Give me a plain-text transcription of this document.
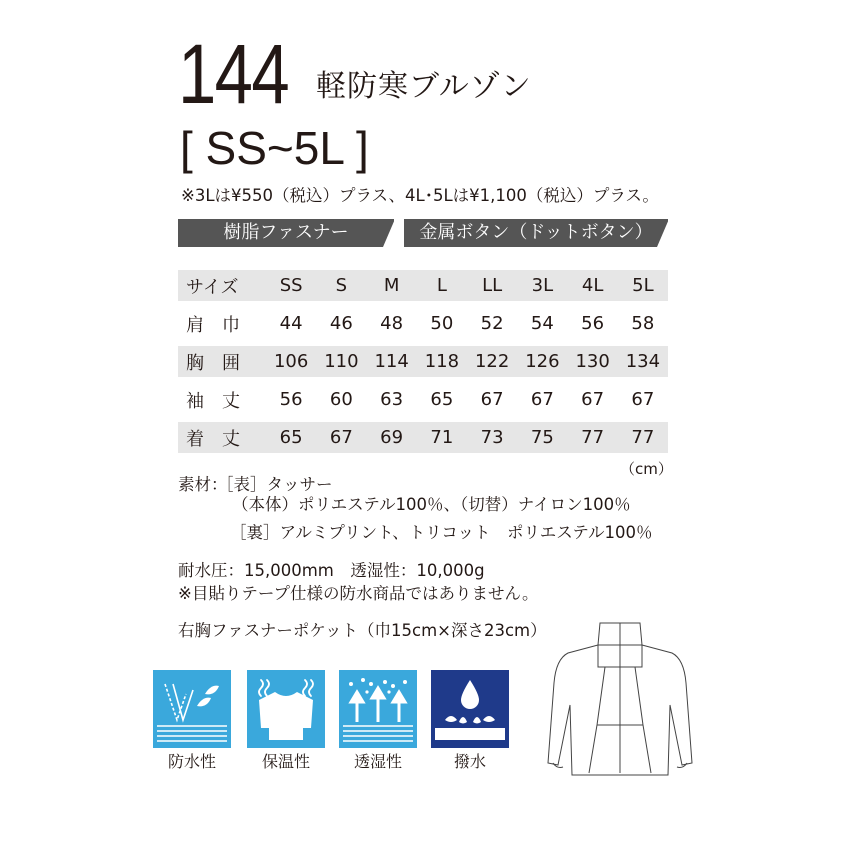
144 軽防寒ブルゾン
[ SS~5L ]
※3Lは¥550（税込）プラス、4L･5Lは¥1,100（税込）プラス。
樹脂ファスナー	金属ボタン（ドットボタン）
サイズ	SS	S	M	L	LL	3L	4L	5L
肩　巾	44	46	48	50	52	54	56	58
胸　囲	106	110	114	118	122	126	130	134
袖　丈	56	60	63	65	67	67	67	67
着　丈	65	67	69	71	73	75	77	77
（cm）
素材：
［表］タッサー
（本体）ポリエステル100％、（切替）ナイロン100％
［裏］アルミプリント、トリコット　ポリエステル100％
耐水圧：15,000mm　透湿性：10,000g
※目貼りテープ仕様の防水商品ではありません。
右胸ファスナーポケット（巾15cm×深さ23cm）
防水性	保温性	透湿性	撥水
